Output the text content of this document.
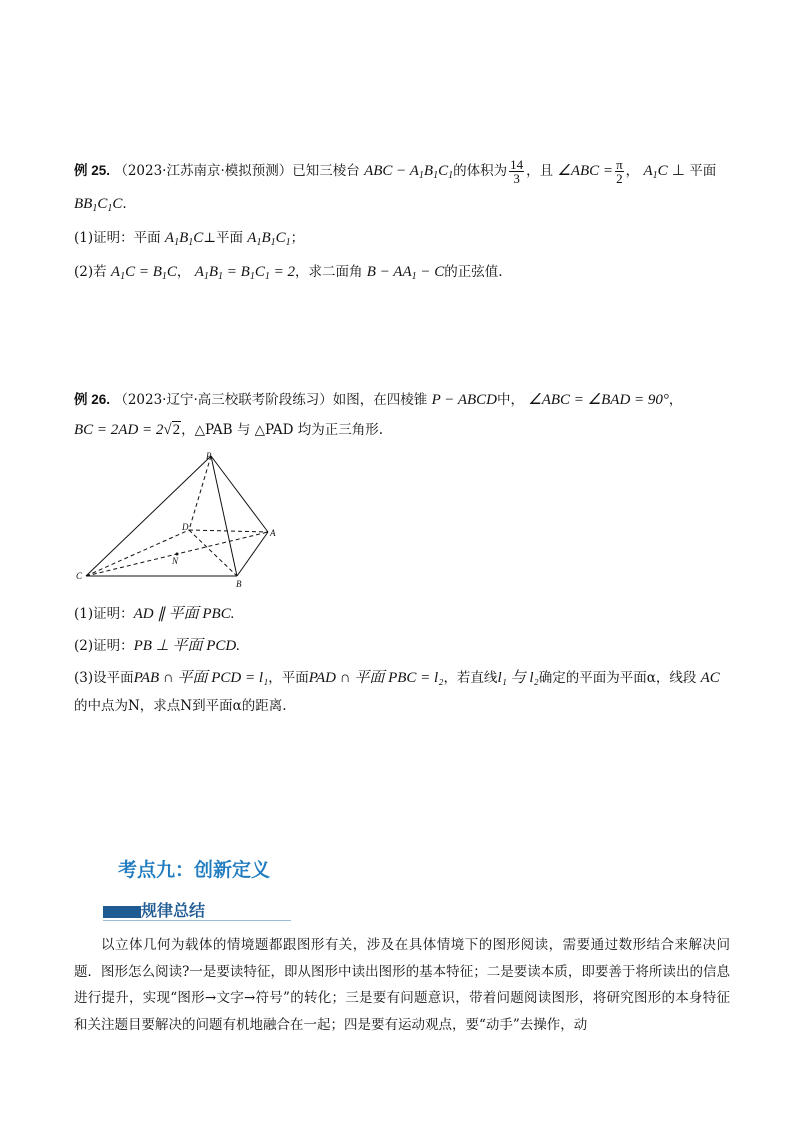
例 25. （2023·江苏南京·模拟预测）已知三棱台 ABC − $A_1B_1C_1$的体积为 $\frac{14}{3}$ ，且 ∠ABC = $\frac{\pi}{2}$ ， $A_1C$ ⊥ 平面
$BB_1C_1C$.
(1)证明：平面 $A_1B_1C\perp$平面 $A_1B_1C_1$；
(2)若 $A_1C = B_1C$， $A_1B_1 = B_1C_1 = 2$，求二面角 $B - AA_1 - C$的正弦值.
例 26. （2023·辽宁·高三校联考阶段练习）如图，在四棱锥 P − ABCD中， ∠ABC = ∠BAD = 90°，
BC = 2AD = 2√2，△PAB 与 △PAD 均为正三角形.
P
A
B
C
D
N
(1)证明：AD ∥ 平面 PBC.
(2)证明：PB ⊥ 平面 PCD.
(3)设平面PAB ∩ 平面 PCD = l₁，平面PAD ∩ 平面 PBC = l₂，若直线l₁ 与 l₂确定的平面为平面α，线段 AC
的中点为N，求点N到平面α的距离.
考点九：创新定义
规律总结
以立体几何为载体的情境题都跟图形有关，涉及在具体情境下的图形阅读，需要通过数形结合来解决问题．图形怎么阅读?一是要读特征，即从图形中读出图形的基本特征；二是要读本质，即要善于将所读出的信息进行提升，实现“图形→文字→符号”的转化；三是要有问题意识，带着问题阅读图形，将研究图形的本身特征和关注题目要解决的问题有机地融合在一起；四是要有运动观点，要“动手”去操作，动
